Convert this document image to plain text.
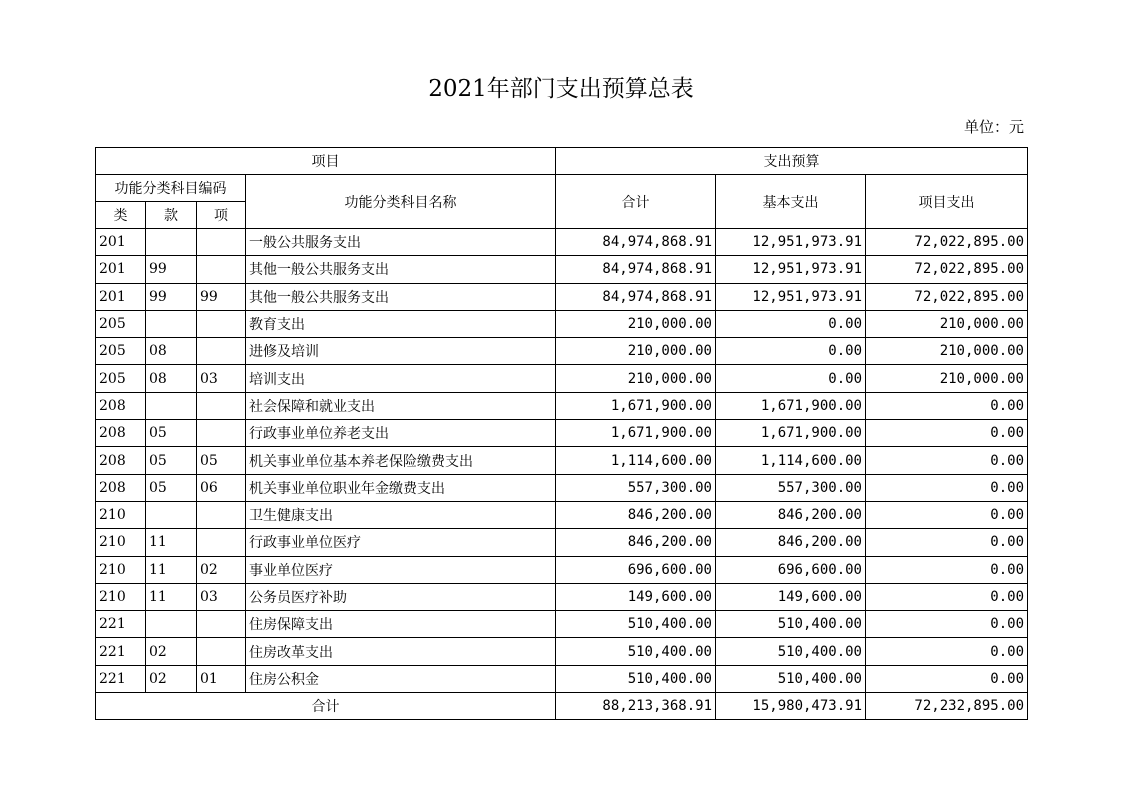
2021年部门支出预算总表
单位：元
项目				支出预算		
功能分类科目编码			功能分类科目名称	合计	基本支出	项目支出
类	款	项				
201			一般公共服务支出	84,974,868.91	12,951,973.91	72,022,895.00
201	99		其他一般公共服务支出	84,974,868.91	12,951,973.91	72,022,895.00
201	99	99	其他一般公共服务支出	84,974,868.91	12,951,973.91	72,022,895.00
205			教育支出	210,000.00	0.00	210,000.00
205	08		进修及培训	210,000.00	0.00	210,000.00
205	08	03	培训支出	210,000.00	0.00	210,000.00
208			社会保障和就业支出	1,671,900.00	1,671,900.00	0.00
208	05		行政事业单位养老支出	1,671,900.00	1,671,900.00	0.00
208	05	05	机关事业单位基本养老保险缴费支出	1,114,600.00	1,114,600.00	0.00
208	05	06	机关事业单位职业年金缴费支出	557,300.00	557,300.00	0.00
210			卫生健康支出	846,200.00	846,200.00	0.00
210	11		行政事业单位医疗	846,200.00	846,200.00	0.00
210	11	02	事业单位医疗	696,600.00	696,600.00	0.00
210	11	03	公务员医疗补助	149,600.00	149,600.00	0.00
221			住房保障支出	510,400.00	510,400.00	0.00
221	02		住房改革支出	510,400.00	510,400.00	0.00
221	02	01	住房公积金	510,400.00	510,400.00	0.00
合计				88,213,368.91	15,980,473.91	72,232,895.00
